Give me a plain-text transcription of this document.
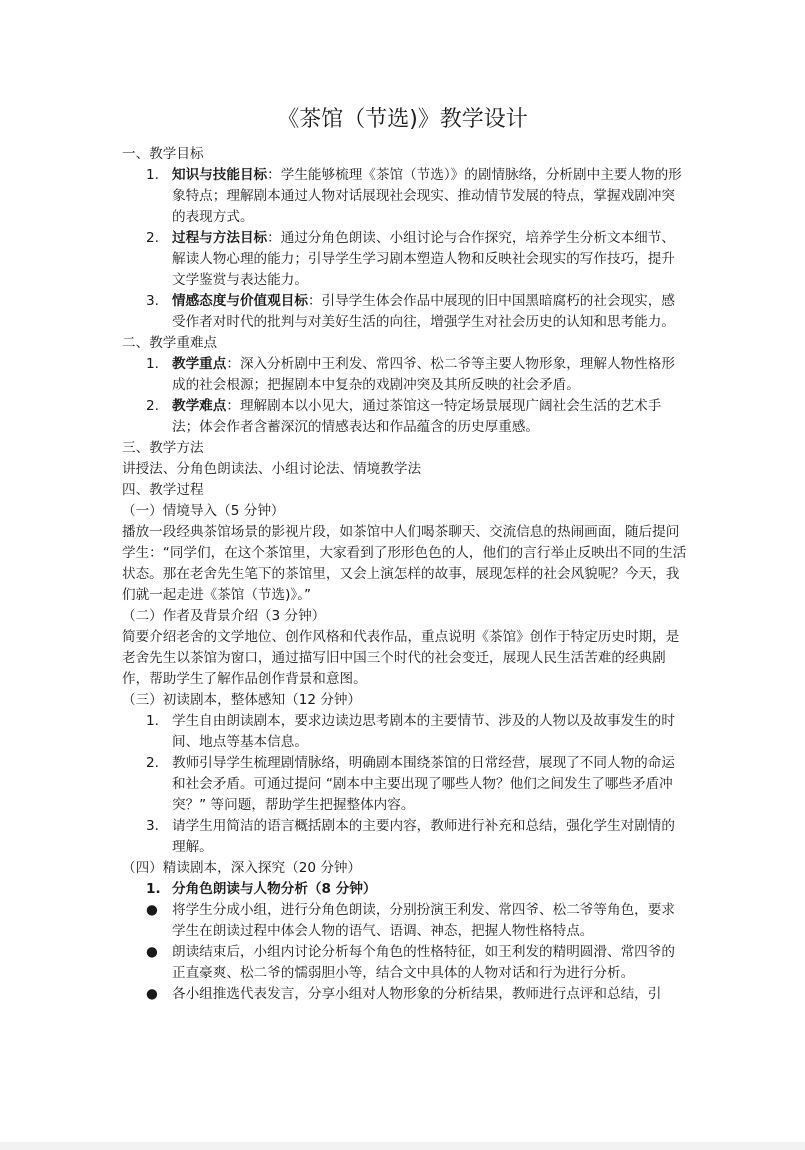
《茶馆（节选)》教学设计
一、教学目标
1. 知识与技能目标：学生能够梳理《茶馆（节选）》的剧情脉络，分析剧中主要人物的形象特点；理解剧本通过人物对话展现社会现实、推动情节发展的特点，掌握戏剧冲突的表现方式。
2. 过程与方法目标：通过分角色朗读、小组讨论与合作探究，培养学生分析文本细节、解读人物心理的能力；引导学生学习剧本塑造人物和反映社会现实的写作技巧，提升文学鉴赏与表达能力。
3. 情感态度与价值观目标：引导学生体会作品中展现的旧中国黑暗腐朽的社会现实，感受作者对时代的批判与对美好生活的向往，增强学生对社会历史的认知和思考能力。
二、教学重难点
1. 教学重点：深入分析剧中王利发、常四爷、松二爷等主要人物形象，理解人物性格形成的社会根源；把握剧本中复杂的戏剧冲突及其所反映的社会矛盾。
2. 教学难点：理解剧本以小见大，通过茶馆这一特定场景展现广阔社会生活的艺术手法；体会作者含蓄深沉的情感表达和作品蕴含的历史厚重感。
三、教学方法
讲授法、分角色朗读法、小组讨论法、情境教学法
四、教学过程
（一）情境导入（5 分钟）
播放一段经典茶馆场景的影视片段，如茶馆中人们喝茶聊天、交流信息的热闹画面，随后提问学生：“同学们，在这个茶馆里，大家看到了形形色色的人，他们的言行举止反映出不同的生活状态。那在老舍先生笔下的茶馆里，又会上演怎样的故事，展现怎样的社会风貌呢？今天，我们就一起走进《茶馆（节选)》。”
（二）作者及背景介绍（3 分钟）
简要介绍老舍的文学地位、创作风格和代表作品，重点说明《茶馆》创作于特定历史时期，是老舍先生以茶馆为窗口，通过描写旧中国三个时代的社会变迁，展现人民生活苦难的经典剧作，帮助学生了解作品创作背景和意图。
（三）初读剧本，整体感知（12 分钟）
1. 学生自由朗读剧本，要求边读边思考剧本的主要情节、涉及的人物以及故事发生的时间、地点等基本信息。
2. 教师引导学生梳理剧情脉络，明确剧本围绕茶馆的日常经营，展现了不同人物的命运和社会矛盾。可通过提问 “剧本中主要出现了哪些人物？他们之间发生了哪些矛盾冲突？” 等问题，帮助学生把握整体内容。
3. 请学生用简洁的语言概括剧本的主要内容，教师进行补充和总结，强化学生对剧情的理解。
（四）精读剧本，深入探究（20 分钟）
1. 分角色朗读与人物分析（8 分钟）
● 将学生分成小组，进行分角色朗读，分别扮演王利发、常四爷、松二爷等角色，要求学生在朗读过程中体会人物的语气、语调、神态，把握人物性格特点。
● 朗读结束后，小组内讨论分析每个角色的性格特征，如王利发的精明圆滑、常四爷的正直豪爽、松二爷的懦弱胆小等，结合文中具体的人物对话和行为进行分析。
● 各小组推选代表发言，分享小组对人物形象的分析结果，教师进行点评和总结，引
